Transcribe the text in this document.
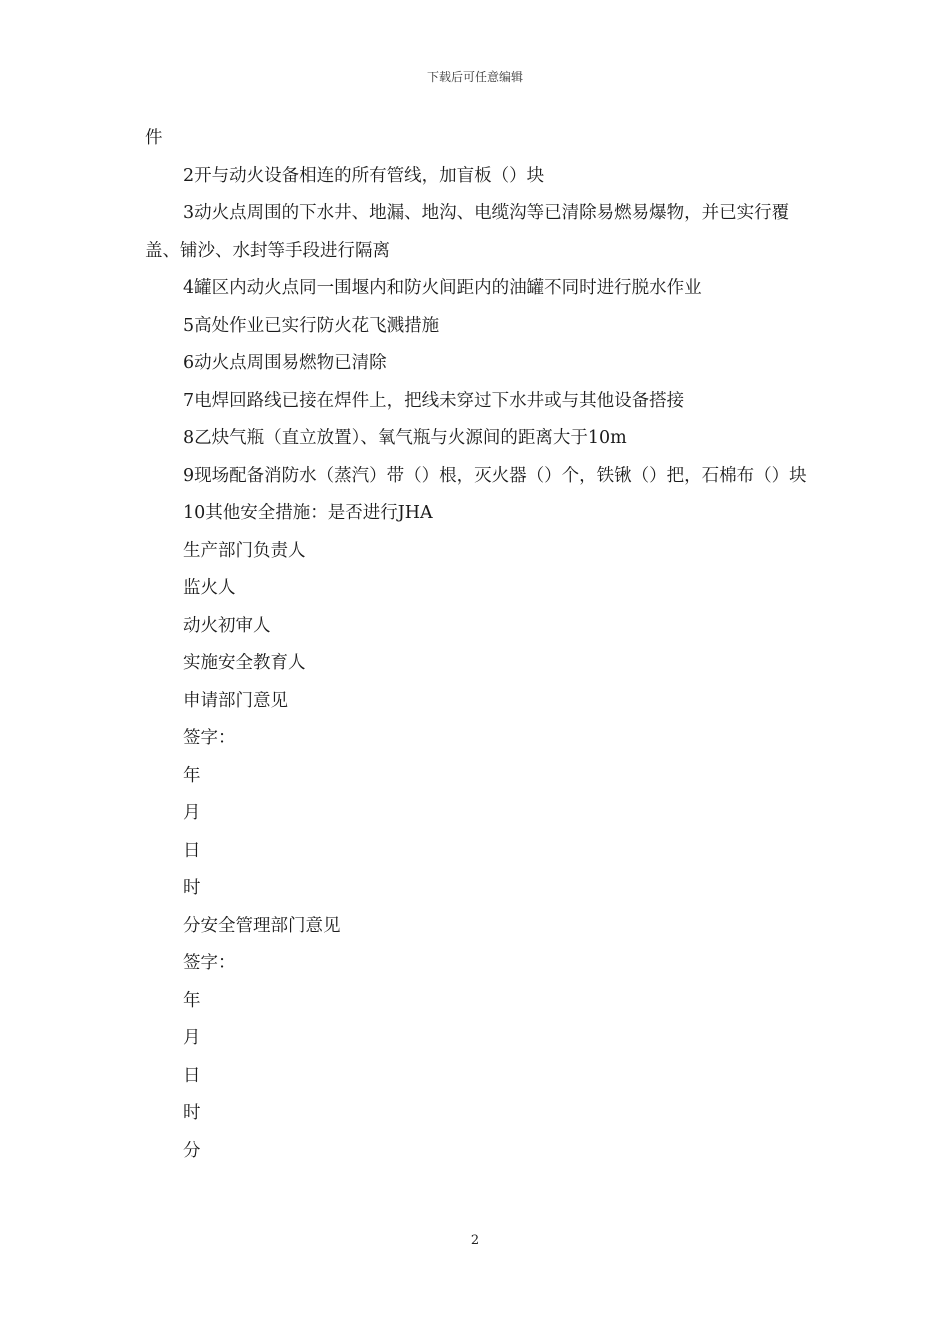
下载后可任意编辑

件

2开与动火设备相连的所有管线，加盲板（）块

3动火点周围的下水井、地漏、地沟、电缆沟等已清除易燃易爆物，并已实行覆盖、铺沙、水封等手段进行隔离

4罐区内动火点同一围堰内和防火间距内的油罐不同时进行脱水作业

5高处作业已实行防火花飞溅措施

6动火点周围易燃物已清除

7电焊回路线已接在焊件上，把线未穿过下水井或与其他设备搭接

8乙炔气瓶（直立放置）、氧气瓶与火源间的距离大于10m

9现场配备消防水（蒸汽）带（）根，灭火器（）个，铁锹（）把，石棉布（）块

10其他安全措施：是否进行JHA

生产部门负责人

监火人

动火初审人

实施安全教育人

申请部门意见

签字：

年

月

日

时

分安全管理部门意见

签字：

年

月

日

时

分

2
